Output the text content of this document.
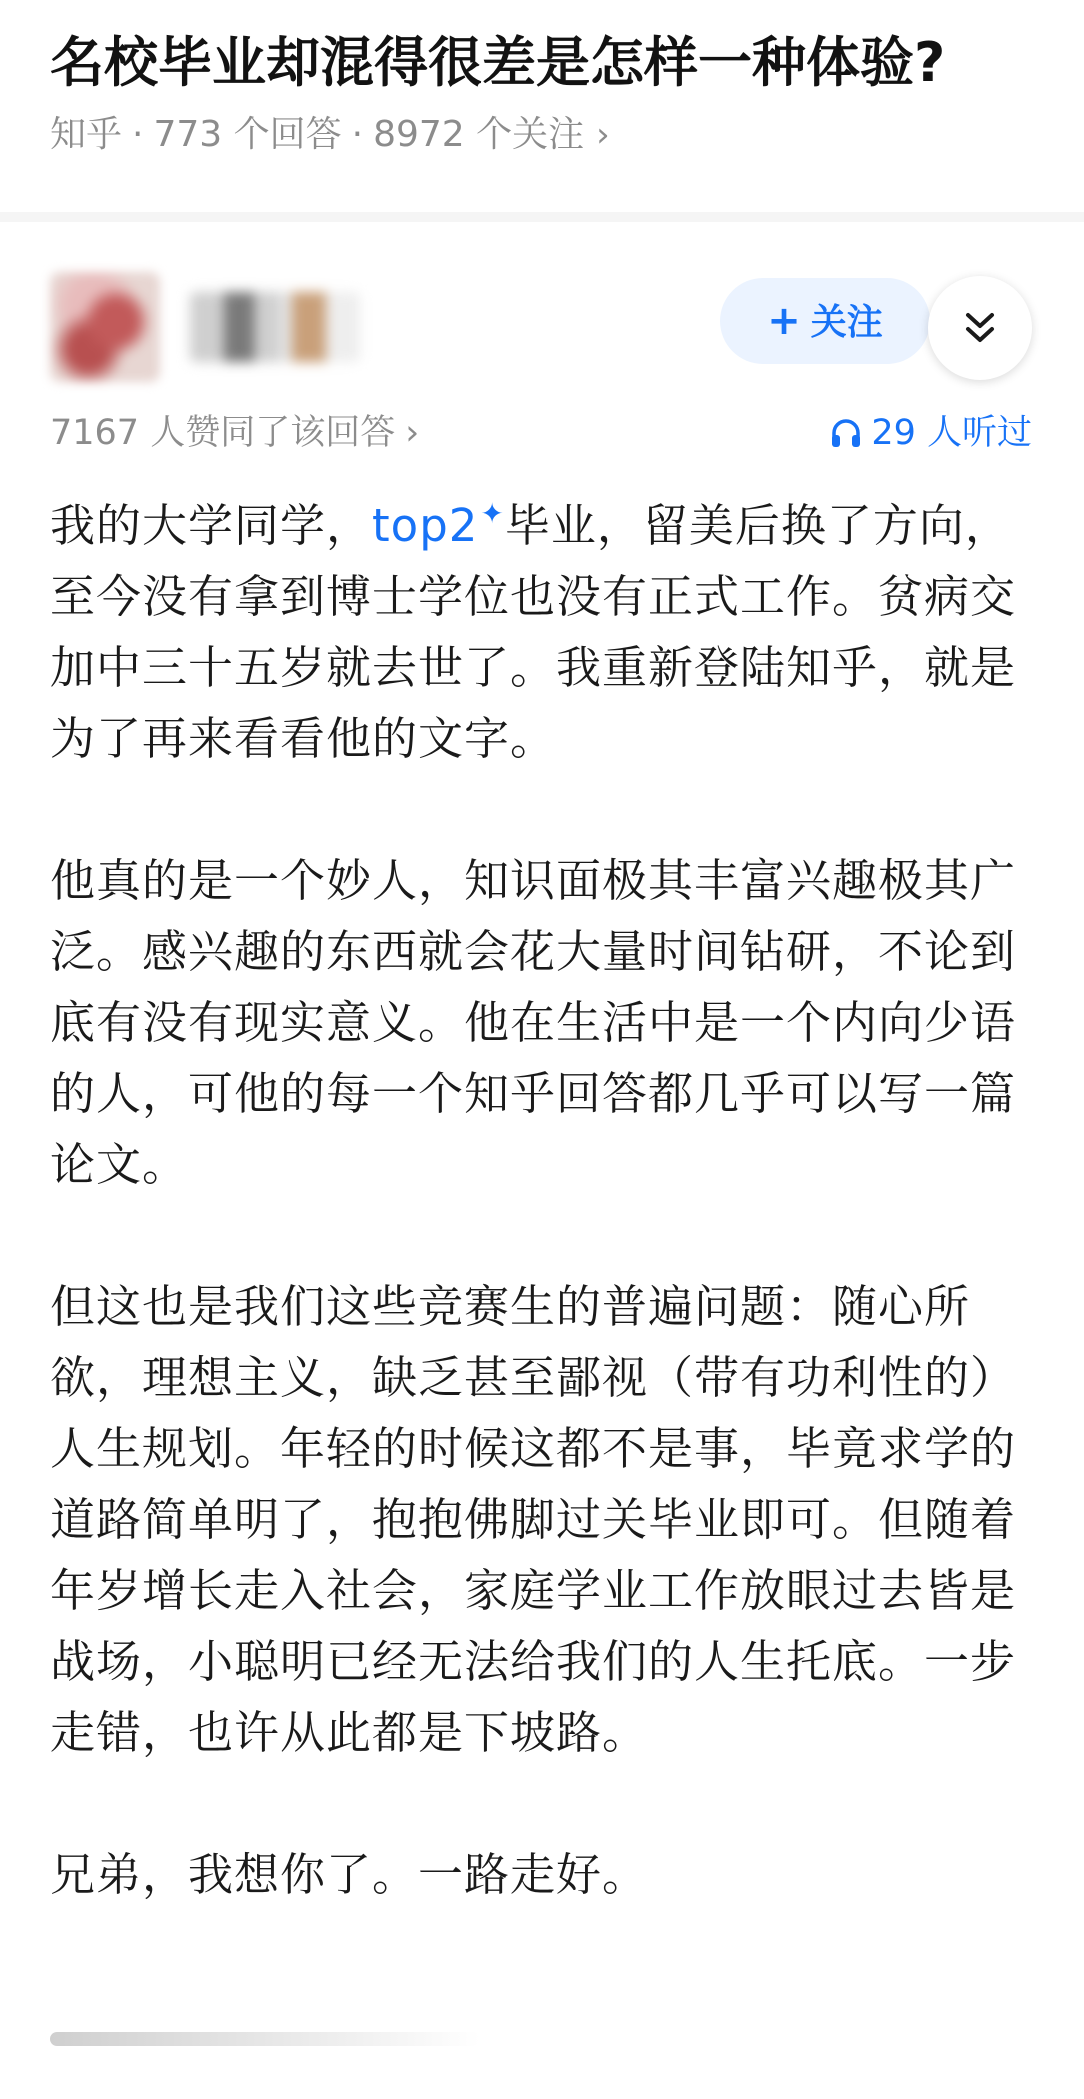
名校毕业却混得很差是怎样一种体验?
知乎 · 773 个回答 · 8972 个关注 ›
+ 关注
7167 人赞同了该回答 ›	29 人听过

我的大学同学，top2✦毕业，留美后换了方向，至今没有拿到博士学位也没有正式工作。贫病交加中三十五岁就去世了。我重新登陆知乎，就是为了再来看看他的文字。

他真的是一个妙人，知识面极其丰富兴趣极其广泛。感兴趣的东西就会花大量时间钻研，不论到底有没有现实意义。他在生活中是一个内向少语的人，可他的每一个知乎回答都几乎可以写一篇论文。

但这也是我们这些竞赛生的普遍问题：随心所欲，理想主义，缺乏甚至鄙视（带有功利性的）人生规划。年轻的时候这都不是事，毕竟求学的道路简单明了，抱抱佛脚过关毕业即可。但随着年岁增长走入社会，家庭学业工作放眼过去皆是战场，小聪明已经无法给我们的人生托底。一步走错，也许从此都是下坡路。

兄弟，我想你了。一路走好。
